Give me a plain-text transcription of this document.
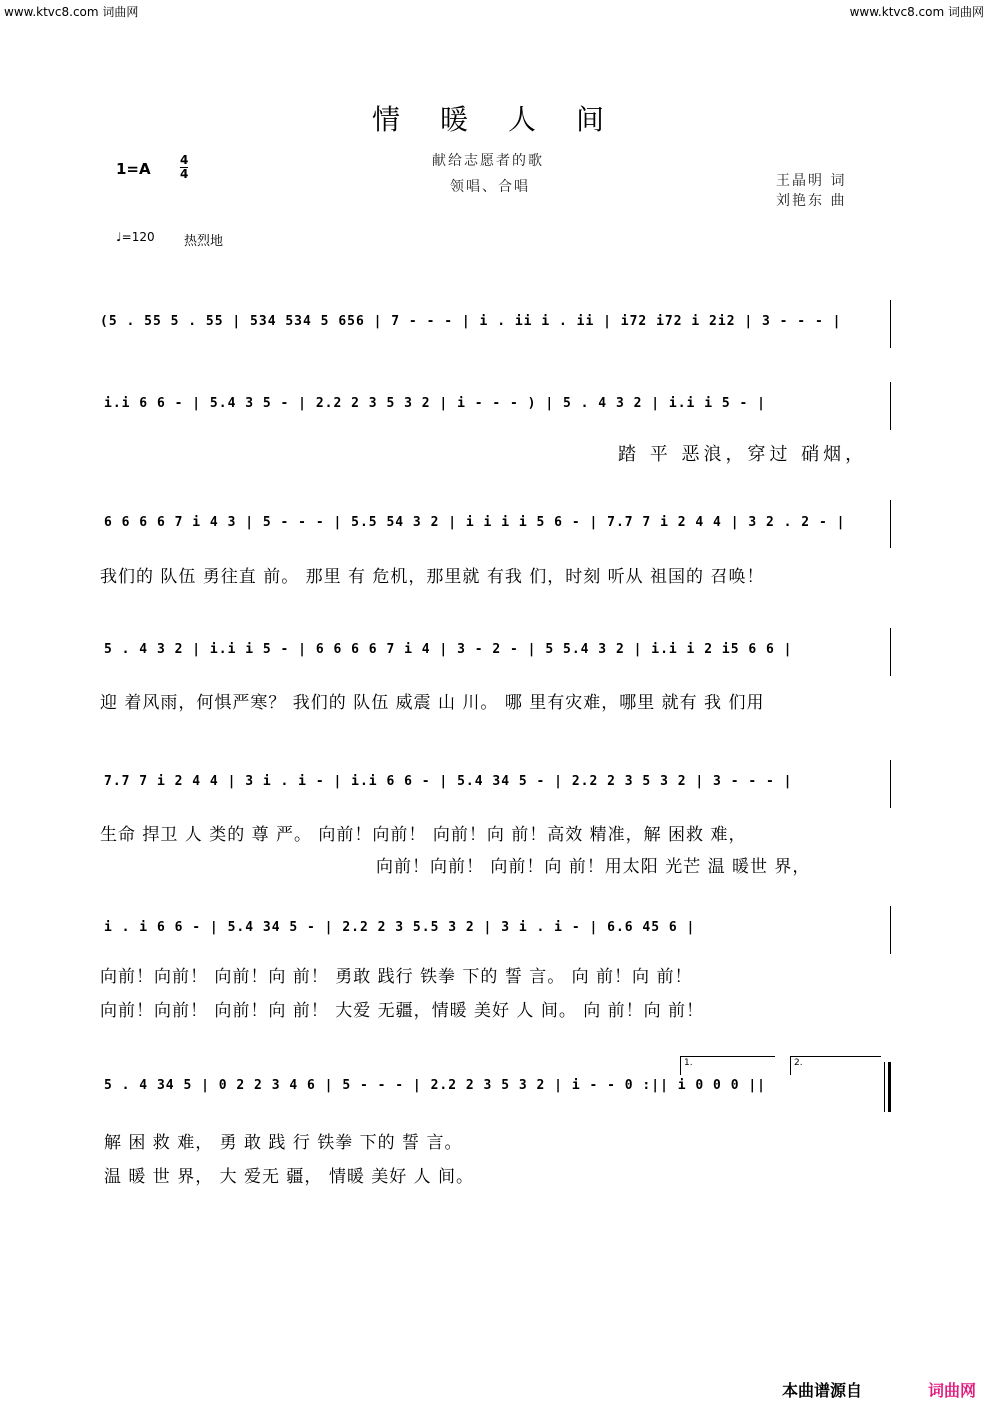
www.ktvc8.com 词曲网	www.ktvc8.com 词曲网
情暖人间
献给志愿者的歌
领唱、合唱
1=A 4
4	王晶明 词
刘艳东 曲
♩=120 热烈地
(5 . 55 5 . 55 | 534 534 5 656 | 7 - - - | i . ii i . ii | i72 i72 i 2i2 | 3 - - - |
i.i 6 6 - | 5.4 3 5 - | 2.2 2 3 5 3 2 | i - - - ) | 5 . 4 3 2 | i.i i 5 - |
踏 平 恶浪，穿过 硝烟，
6 6 6 6 7 i 4 3 | 5 - - - | 5.5 54 3 2 | i i i i 5 6 - | 7.7 7 i 2 4 4 | 3 2 . 2 - |
我们的 队伍 勇往直 前。 那里 有 危机，那里就 有我 们，时刻 听从 祖国的 召唤！
5 . 4 3 2 | i.i i 5 - | 6 6 6 6 7 i 4 | 3 - 2 - | 5 5.4 3 2 | i.i i 2 i5 6 6 |
迎 着风雨，何惧严寒？ 我们的 队伍 威震 山 川。 哪 里有灾难，哪里 就有 我 们用
7.7 7 i 2 4 4 | 3 i . i - | i.i 6 6 - | 5.4 34 5 - | 2.2 2 3 5 3 2 | 3 - - - |
生命 捍卫 人 类的 尊 严。 向前！向前！ 向前！向 前！高效 精准，解 困救 难，
向前！向前！ 向前！向 前！用太阳 光芒 温 暖世 界，
i . i 6 6 - | 5.4 34 5 - | 2.2 2 3 5.5 3 2 | 3 i . i - | 6.6 45 6 |
向前！向前！ 向前！向 前！ 勇敢 践行 铁拳 下的 誓 言。 向 前！向 前！
向前！向前！ 向前！向 前！ 大爱 无疆，情暖 美好 人 间。 向 前！向 前！
1.	2.
5 . 4 34 5 | 0 2 2 3 4 6 | 5 - - - | 2.2 2 3 5 3 2 | i - - 0 :|| i 0 0 0 ||
解 困 救 难， 勇 敢 践 行 铁拳 下的 誓 言。
温 暖 世 界， 大 爱无 疆， 情暖 美好 人 间。
本曲谱源自	词曲网
